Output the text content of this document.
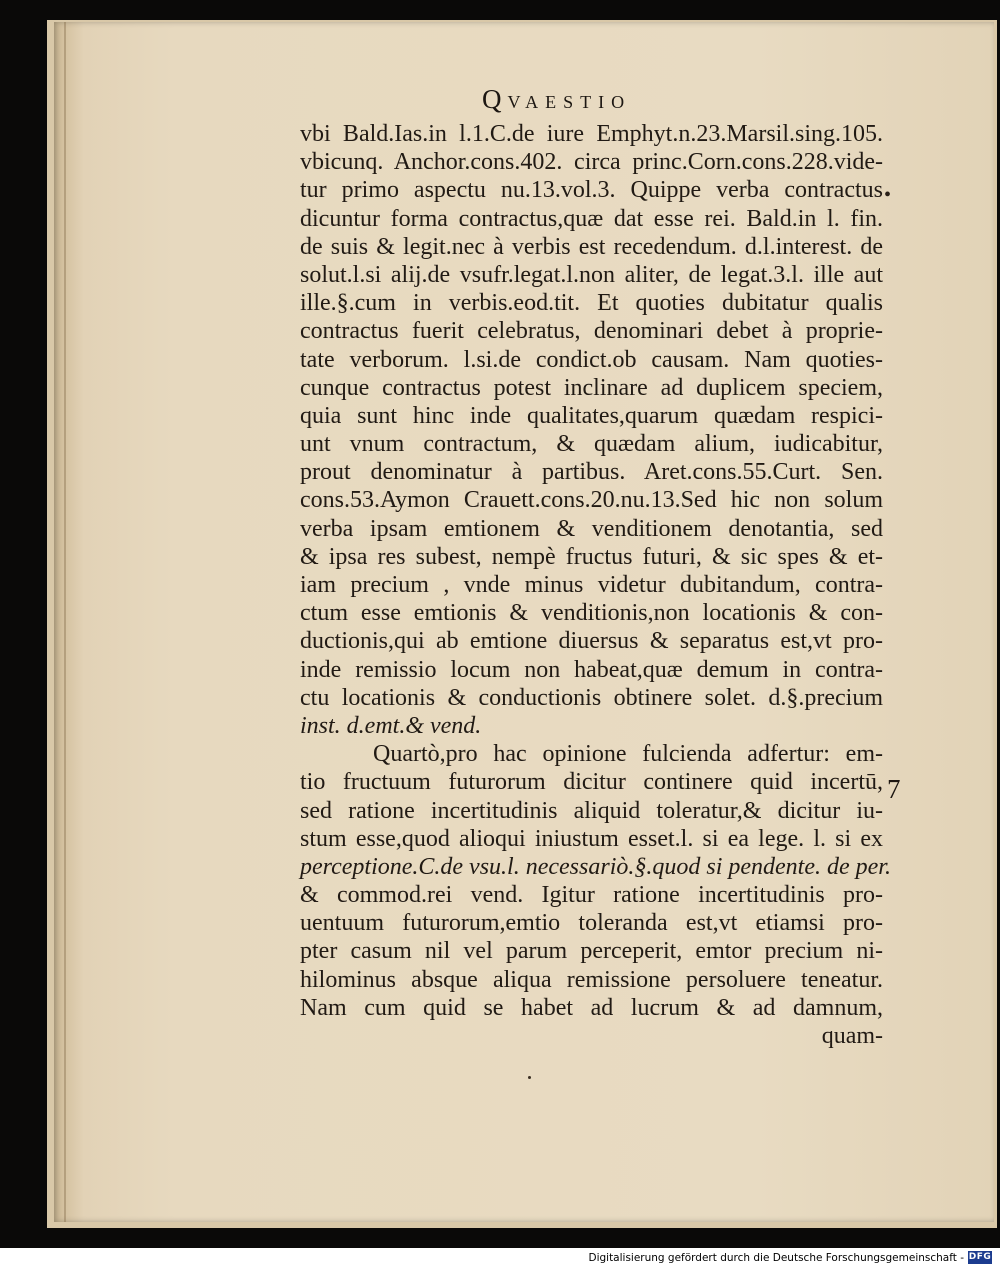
QVAESTIO
•
vbi Bald.Ias.in l.1.C.de iure Emphyt.n.23.Marsil.sing.105.
vbicunq. Anchor.cons.402. circa princ.Corn.cons.228.vide-
tur primo aspectu nu.13.vol.3. Quippe verba contractus
dicuntur forma contractus,quæ dat esse rei. Bald.in l. fin.
de suis & legit.nec à verbis est recedendum. d.l.interest. de
solut.l.si alij.de vsufr.legat.l.non aliter, de legat.3.l. ille aut
ille.§.cum in verbis.eod.tit. Et quoties dubitatur qualis
contractus fuerit celebratus, denominari debet à proprie-
tate verborum. l.si.de condict.ob causam. Nam quoties-
cunque contractus potest inclinare ad duplicem speciem,
quia sunt hinc inde qualitates,quarum quædam respici-
unt vnum contractum, & quædam alium, iudicabitur,
prout denominatur à partibus. Aret.cons.55.Curt. Sen.
cons.53.Aymon Crauett.cons.20.nu.13.Sed hic non solum
verba ipsam emtionem & venditionem denotantia, sed
& ipsa res subest, nempè fructus futuri, & sic spes & et-
iam precium , vnde minus videtur dubitandum, contra-
ctum esse emtionis & venditionis,non locationis & con-
ductionis,qui ab emtione diuersus & separatus est,vt pro-
inde remissio locum non habeat,quæ demum in contra-
ctu locationis & conductionis obtinere solet. d.§.precium
inst. d.emt.& vend.
Quartò,pro hac opinione fulcienda adfertur: em-
tio fructuum futurorum dicitur continere quid incertū,
sed ratione incertitudinis aliquid toleratur,& dicitur iu-
stum esse,quod alioqui iniustum esset.l. si ea lege. l. si ex
perceptione.C.de vsu.l. necessariò.§.quod si pendente. de per.
& commod.rei vend. Igitur ratione incertitudinis pro-
uentuum futurorum,emtio toleranda est,vt etiamsi pro-
pter casum nil vel parum perceperit, emtor precium ni-
hilominus absque aliqua remissione persoluere teneatur.
Nam cum quid se habet ad lucrum & ad damnum,
quam-
7
Digitalisierung gefördert durch die Deutsche Forschungsgemeinschaft - DFG
